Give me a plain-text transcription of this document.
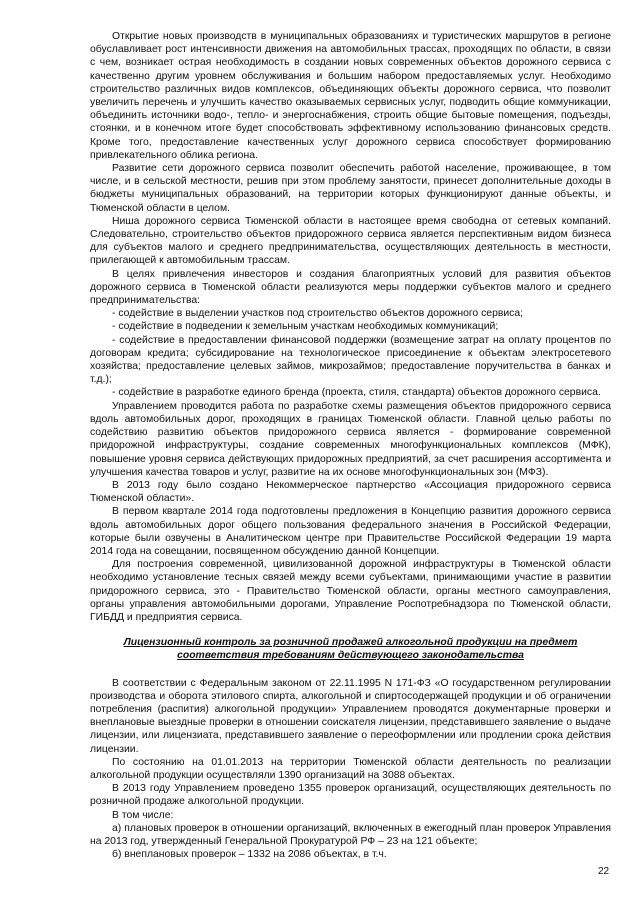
Открытие новых производств в муниципальных образованиях и туристических маршрутов в регионе обуславливает рост интенсивности движения на автомобильных трассах, проходящих по области, в связи с чем, возникает острая необходимость в создании новых современных объектов дорожного сервиса с качественно другим уровнем обслуживания и большим набором предоставляемых услуг. Необходимо строительство различных видов комплексов, объединяющих объекты дорожного сервиса, что позволит увеличить перечень и улучшить качество оказываемых сервисных услуг, подводить общие коммуникации, объединить источники водо-, тепло- и энергоснабжения, строить общие бытовые помещения, подъезды, стоянки, и в конечном итоге будет способствовать эффективному использованию финансовых средств. Кроме того, предоставление качественных услуг дорожного сервиса способствует формированию привлекательного облика региона.

Развитие сети дорожного сервиса позволит обеспечить работой население, проживающее, в том числе, и в сельской местности, решив при этом проблему занятости, принесет дополнительные доходы в бюджеты муниципальных образований, на территории которых функционируют данные объекты, и Тюменской области в целом.

Ниша дорожного сервиса Тюменской области в настоящее время свободна от сетевых компаний. Следовательно, строительство объектов придорожного сервиса является перспективным видом бизнеса для субъектов малого и среднего предпринимательства, осуществляющих деятельность в местности, прилегающей к автомобильным трассам.

В целях привлечения инвесторов и создания благоприятных условий для развития объектов дорожного сервиса в Тюменской области реализуются меры поддержки субъектов малого и среднего предпринимательства:

- содействие в выделении участков под строительство объектов дорожного сервиса;

- содействие в подведении к земельным участкам необходимых коммуникаций;

- содействие в предоставлении финансовой поддержки (возмещение затрат на оплату процентов по договорам кредита; субсидирование на технологическое присоединение к объектам электросетевого хозяйства; предоставление целевых займов, микрозаймов; предоставление поручительства в банках и т.д.);

- содействие в разработке единого бренда (проекта, стиля, стандарта) объектов дорожного сервиса.

Управлением проводится работа по разработке схемы размещения объектов придорожного сервиса вдоль автомобильных дорог, проходящих в границах Тюменской области. Главной целью работы по содействию развитию объектов придорожного сервиса является - формирование современной придорожной инфраструктуры, создание современных многофункциональных комплексов (МФК), повышение уровня сервиса действующих придорожных предприятий, за счет расширения ассортимента и улучшения качества товаров и услуг, развитие на их основе многофункциональных зон (МФЗ).

В 2013 году было создано Некоммерческое партнерство «Ассоциация придорожного сервиса Тюменской области».

В первом квартале 2014 года подготовлены предложения в Концепцию развития дорожного сервиса вдоль автомобильных дорог общего пользования федерального значения в Российской Федерации, которые были озвучены в Аналитическом центре при Правительстве Российской Федерации 19 марта 2014 года на совещании, посвященном обсуждению данной Концепции.

Для построения современной, цивилизованной дорожной инфраструктуры в Тюменской области необходимо установление тесных связей между всеми субъектами, принимающими участие в развитии придорожного сервиса, это - Правительство Тюменской области, органы местного самоуправления, органы управления автомобильными дорогами, Управление Роспотребнадзора по Тюменской области, ГИБДД и предприятия сервиса.

Лицензионный контроль за розничной продажей алкогольной продукции на предмет соответствия требованиям действующего законодательства

В соответствии с Федеральным законом от 22.11.1995 N 171-ФЗ «О государственном регулировании производства и оборота этилового спирта, алкогольной и спиртосодержащей продукции и об ограничении потребления (распития) алкогольной продукции» Управлением проводятся документарные проверки и внеплановые выездные проверки в отношении соискателя лицензии, представившего заявление о выдаче лицензии, или лицензиата, представившего заявление о переоформлении или продлении срока действия лицензии.

По состоянию на 01.01.2013 на территории Тюменской области деятельность по реализации алкогольной продукции осуществляли 1390 организаций на 3088 объектах.

В 2013 году Управлением проведено 1355 проверок организаций, осуществляющих деятельность по розничной продаже алкогольной продукции.

В том числе:

а) плановых проверок в отношении организаций, включенных в ежегодный план проверок Управления на 2013 год, утвержденный Генеральной Прокуратурой РФ – 23 на 121 объекте;

б) внеплановых проверок – 1332 на 2086 объектах, в т.ч.

22
